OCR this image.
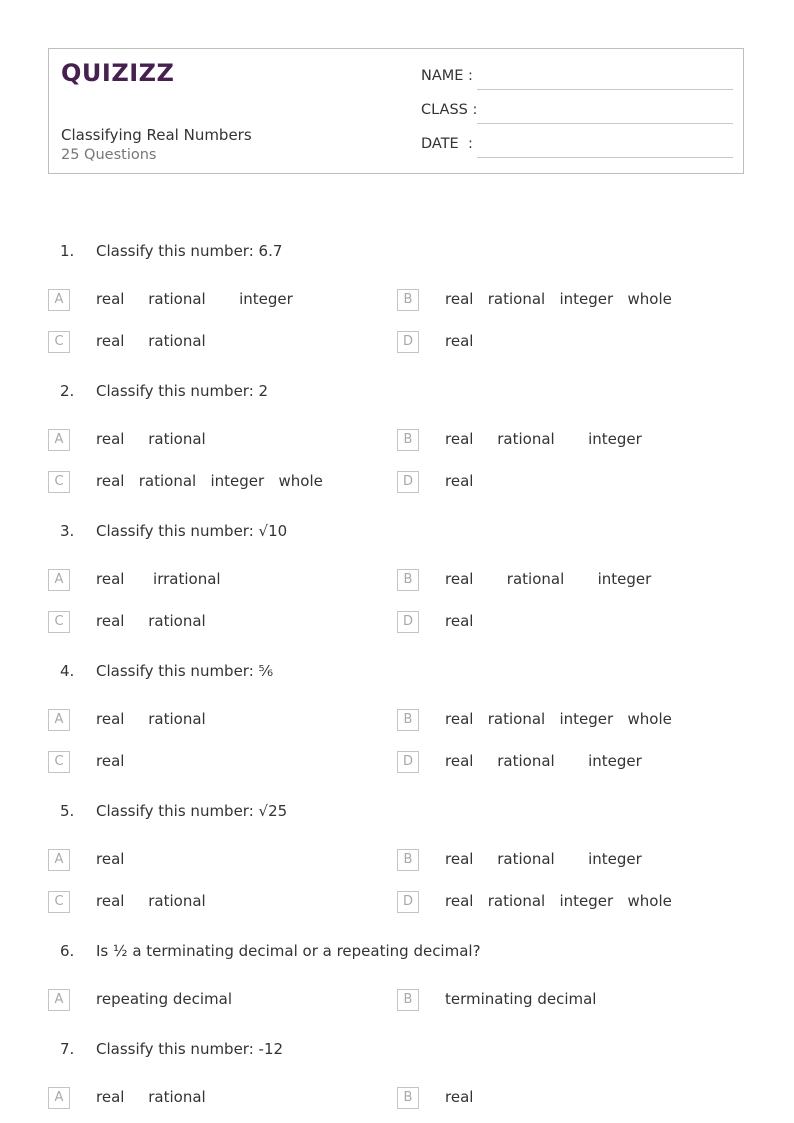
QUIZIZZ
Classifying Real Numbers
25 Questions
NAME :
CLASS :
DATE  :
1. Classify this number: 6.7
A	real     rational       integer	B	real   rational   integer   whole
C	real     rational	D	real
2. Classify this number: 2
A	real     rational	B	real     rational       integer
C	real   rational   integer   whole	D	real
3. Classify this number: √10
A	real      irrational	B	real       rational       integer
C	real     rational	D	real
4. Classify this number: ⅚
A	real     rational	B	real   rational   integer   whole
C	real	D	real     rational       integer
5. Classify this number: √25
A	real	B	real     rational       integer
C	real     rational	D	real   rational   integer   whole
6. Is ½ a terminating decimal or a repeating decimal?
A	repeating decimal	B	terminating decimal
7. Classify this number: -12
A	real     rational	B	real
